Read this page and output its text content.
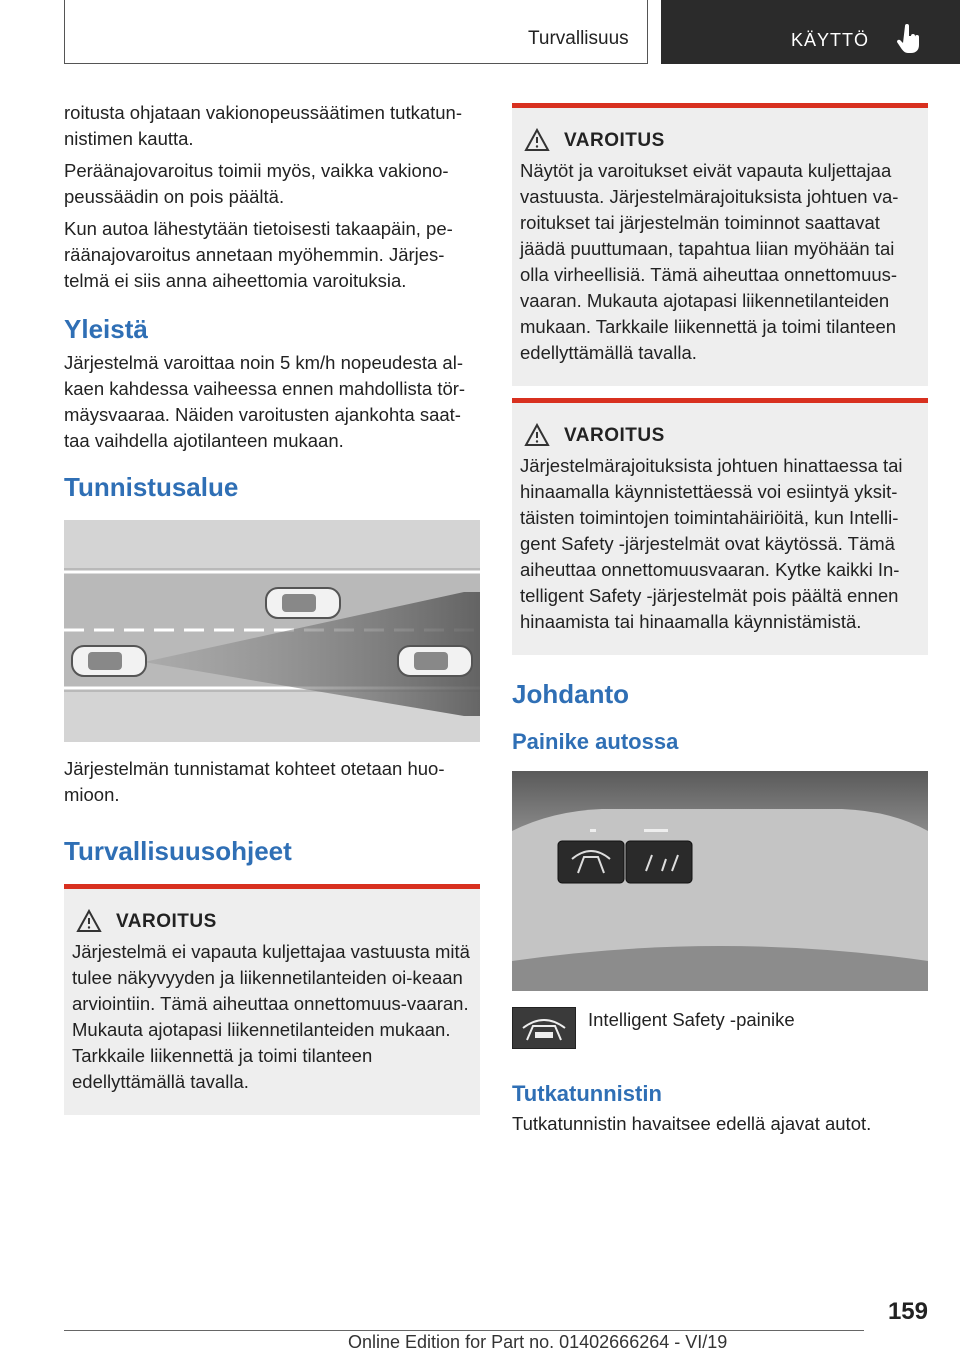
Turvallisuus	KÄYTTÖ

roitusta ohjataan vakionopeussäätimen tutkatun-nistimen kautta.

Peräänajovaroitus toimii myös, vaikka vakiono-peussäädin on pois päältä.

Kun autoa lähestytään tietoisesti takaapäin, pe-räänajovaroitus annetaan myöhemmin. Järjes-telmä ei siis anna aiheettomia varoituksia.

Yleistä

Järjestelmä varoittaa noin 5 km/h nopeudesta al-kaen kahdessa vaiheessa ennen mahdollista tör-mäysvaaraa. Näiden varoitusten ajankohta saat-taa vaihdella ajotilanteen mukaan.

Tunnistusalue

Järjestelmän tunnistamat kohteet otetaan huo-mioon.

Turvallisuusohjeet
VAROITUS

Järjestelmä ei vapauta kuljettajaa vastuusta mitä tulee näkyvyyden ja liikennetilanteiden oi-keaan arviointiin. Tämä aiheuttaa onnettomuus-vaaran. Mukauta ajotapasi liikennetilanteiden mukaan. Tarkkaile liikennettä ja toimi tilanteen edellyttämällä tavalla.

VAROITUS

Näytöt ja varoitukset eivät vapauta kuljettajaa vastuusta. Järjestelmärajoituksista johtuen va-roitukset tai järjestelmän toiminnot saattavat jäädä puuttumaan, tapahtua liian myöhään tai olla virheellisiä. Tämä aiheuttaa onnettomuus-vaaran. Mukauta ajotapasi liikennetilanteiden mukaan. Tarkkaile liikennettä ja toimi tilanteen edellyttämällä tavalla.

VAROITUS

Järjestelmärajoituksista johtuen hinattaessa tai hinaamalla käynnistettäessä voi esiintyä yksit-täisten toimintojen toimintahäiriöitä, kun Intelli-gent Safety -järjestelmät ovat käytössä. Tämä aiheuttaa onnettomuusvaaran. Kytke kaikki In-telligent Safety -järjestelmät pois päältä ennen hinaamista tai hinaamalla käynnistämistä.

Johdanto
Painike autossa
Intelligent Safety -painike
Tutkatunnistin

Tutkatunnistin havaitsee edellä ajavat autot.

159
Online Edition for Part no. 01402666264 - VI/19
